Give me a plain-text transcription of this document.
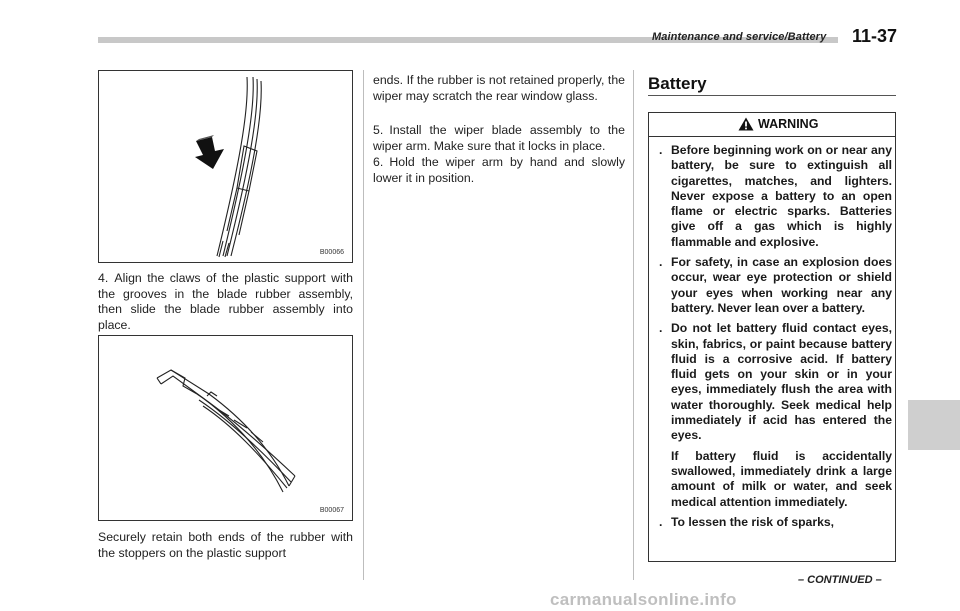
Maintenance and service/Battery 11-37
B00066
4. Align the claws of the plastic support with the grooves in the blade rubber assembly, then slide the blade rubber assembly into place.
B00067
Securely retain both ends of the rubber with the stoppers on the plastic support
ends. If the rubber is not retained properly, the wiper may scratch the rear window glass.
5. Install the wiper blade assembly to the wiper arm. Make sure that it locks in place.
6. Hold the wiper arm by hand and slowly lower it in position.
Battery
WARNING
. Before beginning work on or near any battery, be sure to extinguish all cigarettes, matches, and lighters. Never expose a battery to an open flame or electric sparks. Batteries give off a gas which is highly flammable and explosive.
. For safety, in case an explosion does occur, wear eye protection or shield your eyes when working near any battery. Never lean over a battery.
. Do not let battery fluid contact eyes, skin, fabrics, or paint because battery fluid is a corrosive acid. If battery fluid gets on your skin or in your eyes, immediately flush the area with water thoroughly. Seek medical help immediately if acid has entered the eyes.
If battery fluid is accidentally swallowed, immediately drink a large amount of milk or water, and seek medical attention immediately.
. To lessen the risk of sparks,
– CONTINUED –
carmanualsonline.info
